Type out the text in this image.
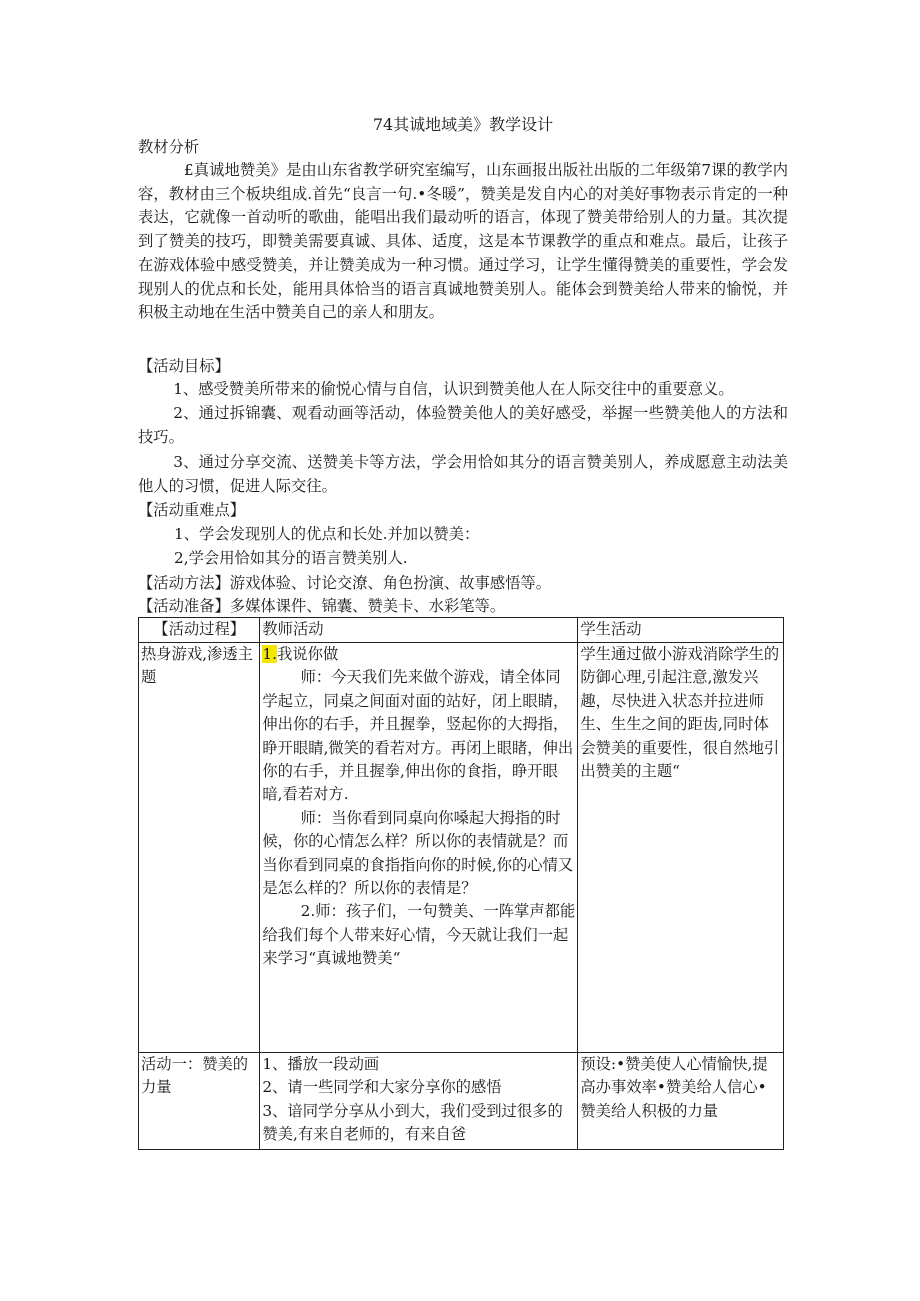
74其诚地域美》教学设计
教材分析
£真诚地赞美》是由山东省教学研究室编写，山东画报出版社出版的二年级第7课的教学内容，教材由三个板块组成.首先“良言一句.•冬暖”，赞美是发自内心的对美好事物表示肯定的一种表达，它就像一首动听的歌曲，能唱出我们最动听的语言，体现了赞美带给别人的力量。其次提到了赞美的技巧，即赞美需要真诚、具体、适度，这是本节课教学的重点和难点。最后，让孩子在游戏体验中感受赞美，并让赞美成为一种习惯。通过学习，让学生懂得赞美的重要性，学会发现别人的优点和长处，能用具体恰当的语言真诚地赞美别人。能体会到赞美给人带来的愉悦，并积极主动地在生活中赞美自己的亲人和朋友。
【活动目标】
1、感受赞美所带来的偷悦心情与自信，认识到赞美他人在人际交往中的重要意义。
2、通过拆锦囊、观看动画等活动，体验赞美他人的美好感受，举握一些赞美他人的方法和技巧。
3、通过分享交流、送赞美卡等方法，学会用恰如其分的语言赞美别人，养成愿意主动法美他人的习惯，促进人际交往。
【活动重难点】
1、学会发现别人的优点和长处.并加以赞美：
2,学会用恰如其分的语言赞美别人.
【活动方法】游戏体验、讨论交潦、角色扮演、故事感悟等。
【活动准备】多媒体课件、锦囊、赞美卡、水彩笔等。
【活动过程】	教师活动	学生活动
热身游戏,渗透主题	1.我说你做

师：今天我们先来做个游戏，请全体同学起立，同桌之间面对面的站好，闭上眼睛，伸出你的右手，并且握拳，竖起你的大拇指，睁开眼睛,微笑的看若对方。再闭上眼睹，伸出你的右手，并且握拳,伸出你的食指，睁开眼暗,看若对方.

师：当你看到同桌向你嗓起大拇指的时候，你的心情怎么样？所以你的表情就是？而当你看到同桌的食指指向你的时候,你的心情又是怎么样的？所以你的表情是？

2.师：孩子们，一句赞美、一阵掌声都能给我们每个人带来好心情，今天就让我们一起来学习“真诚地赞美“	学生通过做小游戏消除学生的防御心理,引起注意,激发兴趣，尽快进入状态并拉进师生、生生之间的距齿,同时体会赞美的重要性，很自然地引出赞美的主题“
活动一：赞美的力量	1、播放一段动画

2、请一些同学和大家分享你的感悟

3、谙同学分享从小到大，我们受到过很多的赞美,有来自老师的，有来自爸	预设:•赞美使人心情愉快,提高办事效率•赞美给人信心•赞美给人积极的力量
